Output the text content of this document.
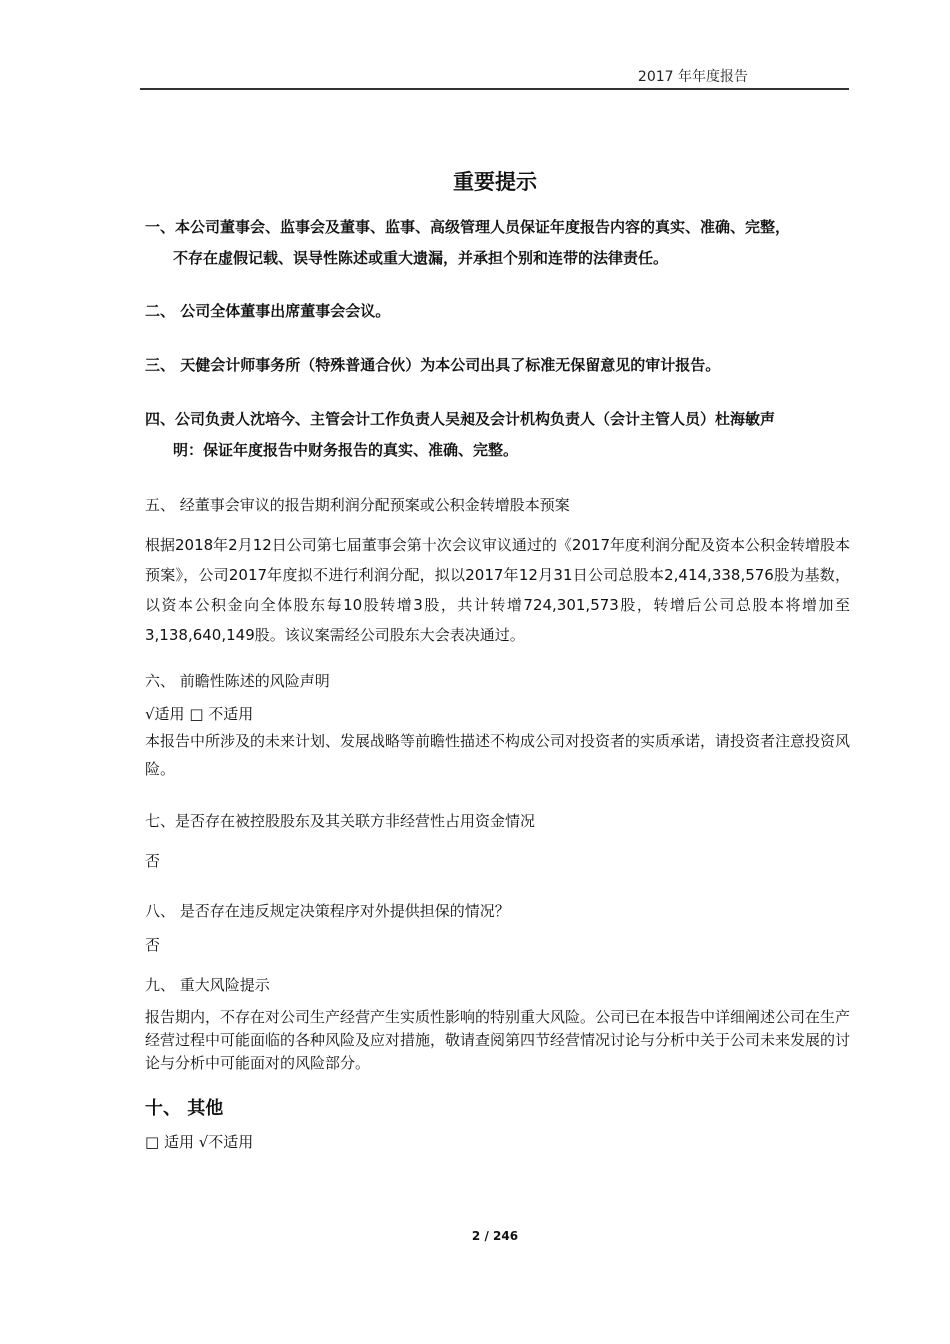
2017 年年度报告
重要提示
一、本公司董事会、监事会及董事、监事、高级管理人员保证年度报告内容的真实、准确、完整，
不存在虚假记载、误导性陈述或重大遗漏，并承担个别和连带的法律责任。
二、 公司全体董事出席董事会会议。
三、 天健会计师事务所（特殊普通合伙）为本公司出具了标准无保留意见的审计报告。
四、公司负责人沈培今、主管会计工作负责人吴昶及会计机构负责人（会计主管人员）杜海敏声
明：保证年度报告中财务报告的真实、准确、完整。
五、 经董事会审议的报告期利润分配预案或公积金转增股本预案
根据2018年2月12日公司第七届董事会第十次会议审议通过的《2017年度利润分配及资本公积金转增股本预案》，公司2017年度拟不进行利润分配，拟以2017年12月31日公司总股本2,414,338,576股为基数，以资本公积金向全体股东每10股转增3股，共计转增724,301,573股，转增后公司总股本将增加至3,138,640,149股。该议案需经公司股东大会表决通过。
六、 前瞻性陈述的风险声明
√适用 □ 不适用
本报告中所涉及的未来计划、发展战略等前瞻性描述不构成公司对投资者的实质承诺，请投资者注意投资风险。
七、是否存在被控股股东及其关联方非经营性占用资金情况
否
八、 是否存在违反规定决策程序对外提供担保的情况？
否
九、 重大风险提示
报告期内，不存在对公司生产经营产生实质性影响的特别重大风险。公司已在本报告中详细阐述公司在生产经营过程中可能面临的各种风险及应对措施，敬请查阅第四节经营情况讨论与分析中关于公司未来发展的讨论与分析中可能面对的风险部分。
十、 其他
□ 适用 √不适用
2 / 246
